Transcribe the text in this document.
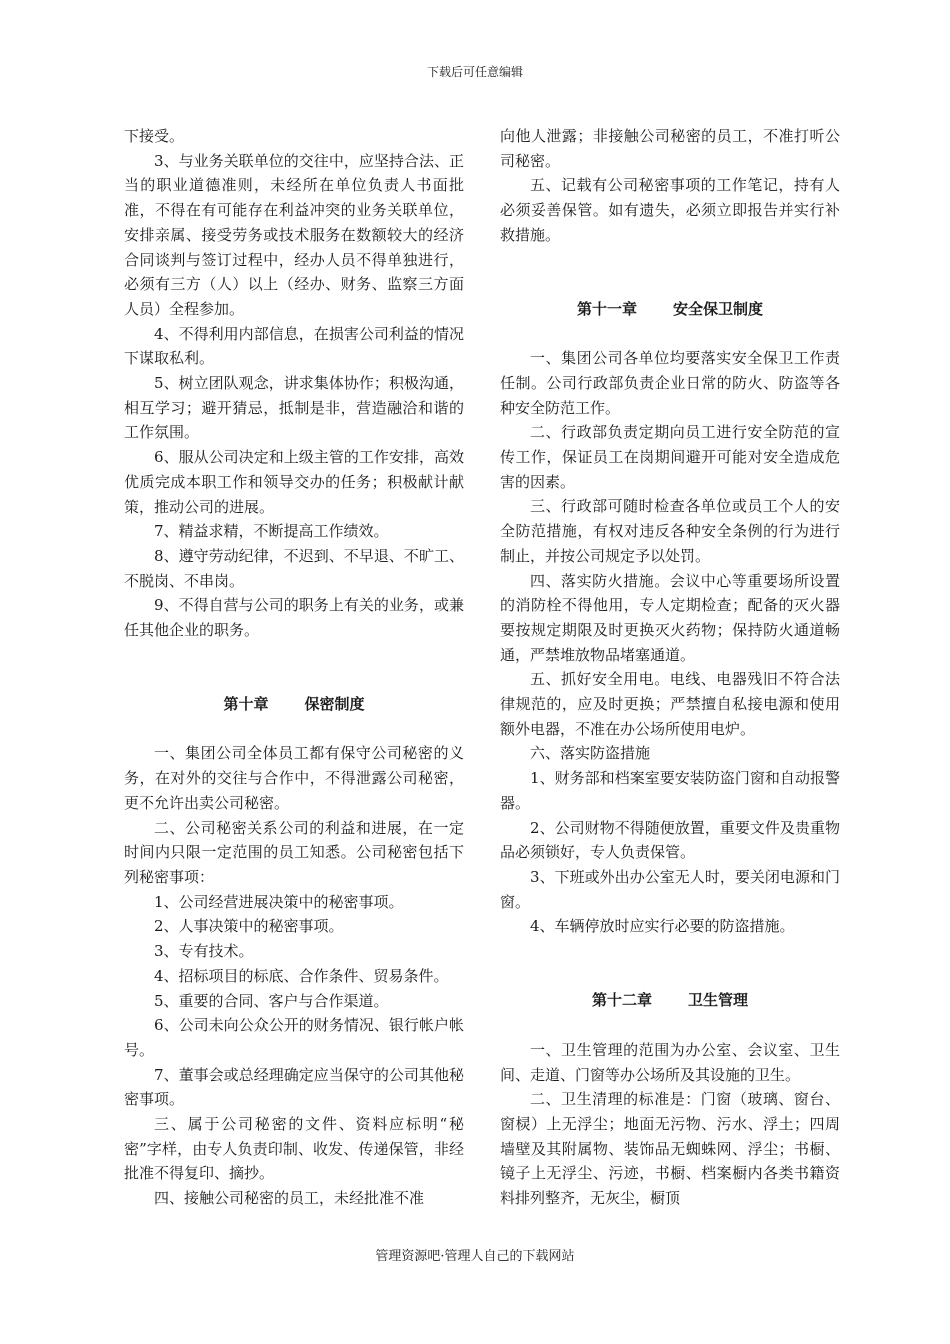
下载后可任意编辑

下接受。

3、与业务关联单位的交往中，应坚持合法、正当的职业道德准则，未经所在单位负责人书面批准，不得在有可能存在利益冲突的业务关联单位，安排亲属、接受劳务或技术服务在数额较大的经济合同谈判与签订过程中，经办人员不得单独进行，必须有三方（人）以上（经办、财务、监察三方面人员）全程参加。

4、不得利用内部信息，在损害公司利益的情况下谋取私利。

5、树立团队观念，讲求集体协作；积极沟通，相互学习；避开猜忌，抵制是非，营造融洽和谐的工作氛围。

6、服从公司决定和上级主管的工作安排，高效优质完成本职工作和领导交办的任务；积极献计献策，推动公司的进展。

7、精益求精，不断提高工作绩效。

8、遵守劳动纪律，不迟到、不早退、不旷工、不脱岗、不串岗。

9、不得自营与公司的职务上有关的业务，或兼任其他企业的职务。

第十章 保密制度

一、集团公司全体员工都有保守公司秘密的义务，在对外的交往与合作中，不得泄露公司秘密，更不允许出卖公司秘密。

二、公司秘密关系公司的利益和进展，在一定时间内只限一定范围的员工知悉。公司秘密包括下列秘密事项：

1、公司经营进展决策中的秘密事项。

2、人事决策中的秘密事项。

3、专有技术。

4、招标项目的标底、合作条件、贸易条件。

5、重要的合同、客户与合作渠道。

6、公司未向公众公开的财务情况、银行帐户帐号。

7、董事会或总经理确定应当保守的公司其他秘密事项。

三、属于公司秘密的文件、资料应标明“秘密”字样，由专人负责印制、收发、传递保管，非经批准不得复印、摘抄。

四、接触公司秘密的员工，未经批准不准

向他人泄露；非接触公司秘密的员工，不准打听公司秘密。

五、记载有公司秘密事项的工作笔记，持有人必须妥善保管。如有遗失，必须立即报告并实行补救措施。

第十一章 安全保卫制度

一、集团公司各单位均要落实安全保卫工作责任制。公司行政部负责企业日常的防火、防盗等各种安全防范工作。

二、行政部负责定期向员工进行安全防范的宣传工作，保证员工在岗期间避开可能对安全造成危害的因素。

三、行政部可随时检查各单位或员工个人的安全防范措施，有权对违反各种安全条例的行为进行制止，并按公司规定予以处罚。

四、落实防火措施。会议中心等重要场所设置的消防栓不得他用，专人定期检查；配备的灭火器要按规定期限及时更换灭火药物；保持防火通道畅通，严禁堆放物品堵塞通道。

五、抓好安全用电。电线、电器残旧不符合法律规范的，应及时更换；严禁擅自私接电源和使用额外电器，不准在办公场所使用电炉。

六、落实防盗措施

1、财务部和档案室要安装防盗门窗和自动报警器。

2、公司财物不得随便放置，重要文件及贵重物品必须锁好，专人负责保管。

3、下班或外出办公室无人时，要关闭电源和门窗。

4、车辆停放时应实行必要的防盗措施。

第十二章 卫生管理

一、卫生管理的范围为办公室、会议室、卫生间、走道、门窗等办公场所及其设施的卫生。

二、卫生清理的标准是：门窗（玻璃、窗台、窗棂）上无浮尘；地面无污物、污水、浮土；四周墙壁及其附属物、装饰品无蜘蛛网、浮尘；书橱、镜子上无浮尘、污迹，书橱、档案橱内各类书籍资料排列整齐，无灰尘，橱顶

管理资源吧·管理人自己的下载网站
